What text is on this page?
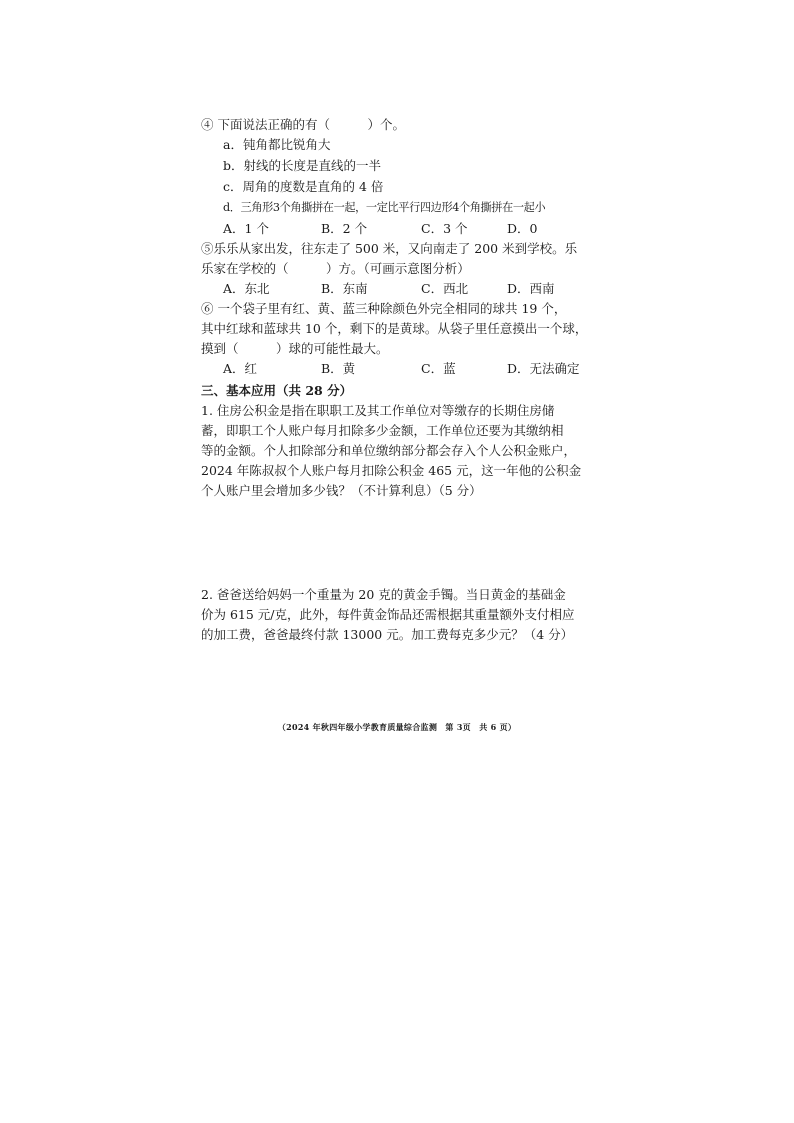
④ 下面说法正确的有（　　　）个。
a．钝角都比锐角大
b．射线的长度是直线的一半
c．周角的度数是直角的 4 倍
d．三角形3个角撕拼在一起，一定比平行四边形4个角撕拼在一起小
A．1 个	B．2 个	C．3 个	D．0
⑤乐乐从家出发，往东走了 500 米，又向南走了 200 米到学校。乐
乐家在学校的（　　　）方。（可画示意图分析）
A．东北	B．东南	C．西北	D．西南
⑥ 一个袋子里有红、黄、蓝三种除颜色外完全相同的球共 19 个，
其中红球和蓝球共 10 个，剩下的是黄球。从袋子里任意摸出一个球，
摸到（　　　）球的可能性最大。
A．红	B．黄	C．蓝	D．无法确定
三、基本应用（共 28 分）
1. 住房公积金是指在职职工及其工作单位对等缴存的长期住房储
蓄，即职工个人账户每月扣除多少金额，工作单位还要为其缴纳相
等的金额。个人扣除部分和单位缴纳部分都会存入个人公积金账户，
2024 年陈叔叔个人账户每月扣除公积金 465 元，这一年他的公积金
个人账户里会增加多少钱？（不计算利息）（5 分）
2. 爸爸送给妈妈一个重量为 20 克的黄金手镯。当日黄金的基础金
价为 615 元/克，此外，每件黄金饰品还需根据其重量额外支付相应
的加工费，爸爸最终付款 13000 元。加工费每克多少元？（4 分）
（2024 年秋四年级小学教育质量综合监测　第 3页　共 6 页）
